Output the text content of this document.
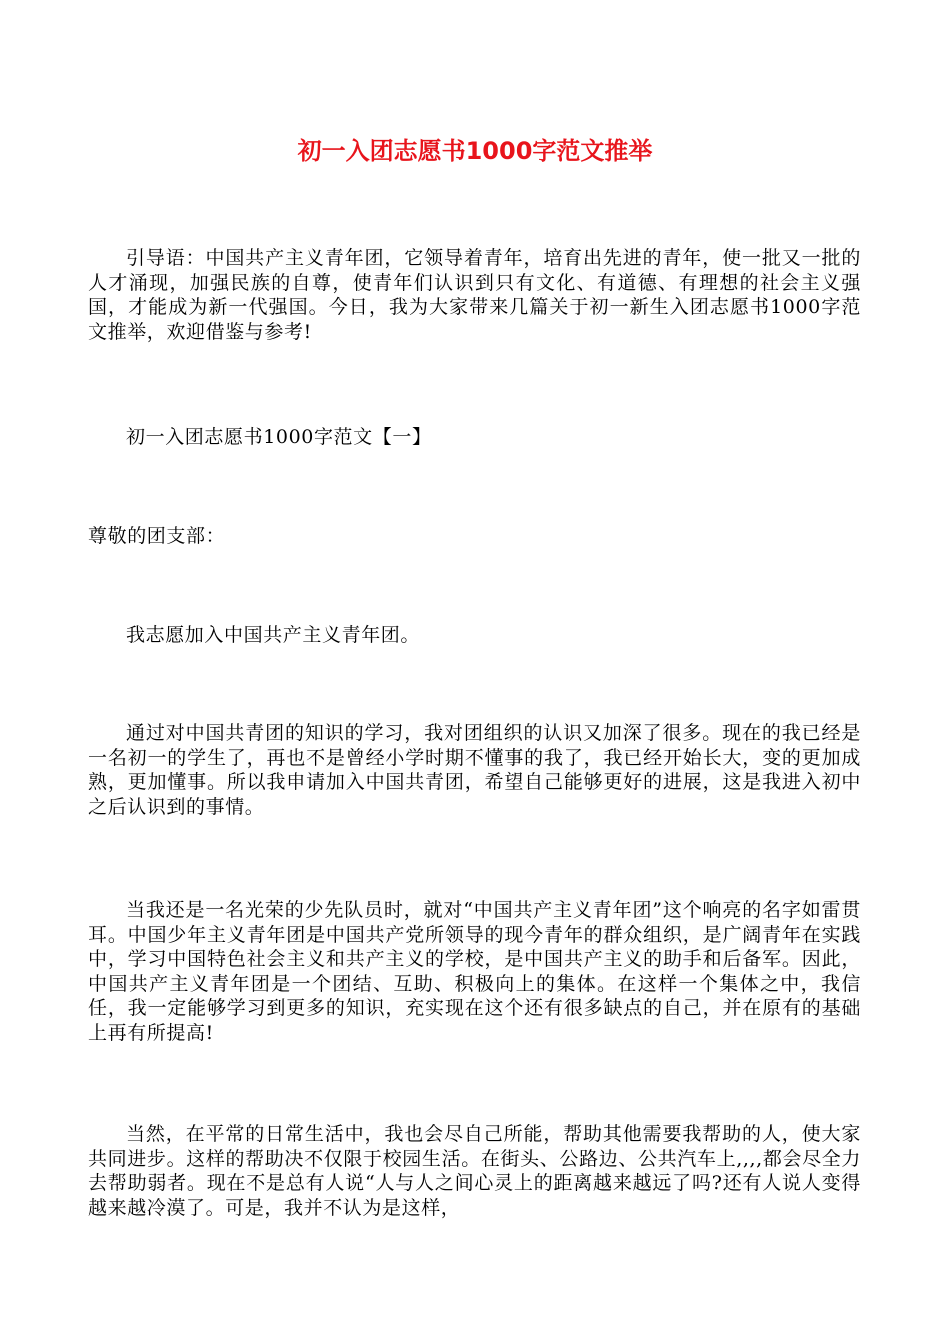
初一入团志愿书1000字范文推举

引导语：中国共产主义青年团，它领导着青年，培育出先进的青年，使一批又一批的人才涌现，加强民族的自尊，使青年们认识到只有文化、有道德、有理想的社会主义强国，才能成为新一代强国。今日，我为大家带来几篇关于初一新生入团志愿书1000字范文推举，欢迎借鉴与参考!

初一入团志愿书1000字范文【一】

尊敬的团支部：

我志愿加入中国共产主义青年团。

通过对中国共青团的知识的学习，我对团组织的认识又加深了很多。现在的我已经是一名初一的学生了，再也不是曾经小学时期不懂事的我了，我已经开始长大，变的更加成熟，更加懂事。所以我申请加入中国共青团，希望自己能够更好的进展，这是我进入初中之后认识到的事情。

当我还是一名光荣的少先队员时，就对“中国共产主义青年团”这个响亮的名字如雷贯耳。中国少年主义青年团是中国共产党所领导的现今青年的群众组织，是广阔青年在实践中，学习中国特色社会主义和共产主义的学校，是中国共产主义的助手和后备军。因此，中国共产主义青年团是一个团结、互助、积极向上的集体。在这样一个集体之中，我信任，我一定能够学习到更多的知识，充实现在这个还有很多缺点的自己，并在原有的基础上再有所提高!

当然，在平常的日常生活中，我也会尽自己所能，帮助其他需要我帮助的人，使大家共同进步。这样的帮助决不仅限于校园生活。在街头、公路边、公共汽车上,,,,都会尽全力去帮助弱者。现在不是总有人说“人与人之间心灵上的距离越来越远了吗?还有人说人变得越来越冷漠了。可是，我并不认为是这样，
